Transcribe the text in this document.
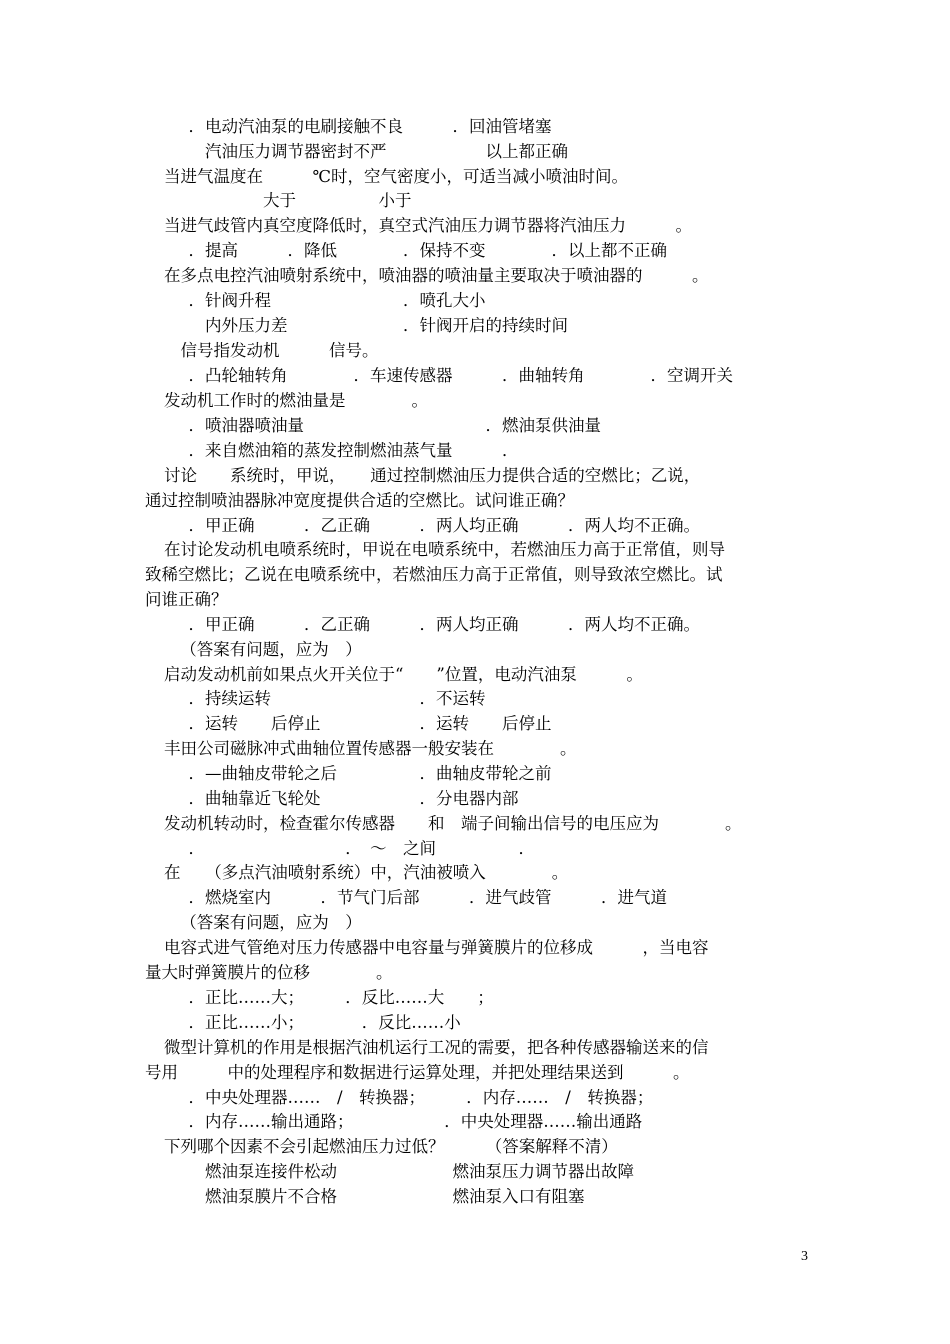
　．电动汽油泵的电刷接触不良　　　．回油管堵塞
　　汽油压力调节器密封不严　　　　　　以上都正确
当进气温度在　　　℃时，空气密度小，可适当减小喷油时间。
　　　　　　大于　　　　　小于
当进气歧管内真空度降低时，真空式汽油压力调节器将汽油压力　　　。
　．提高　　　．降低　　　　．保持不变　　　　．以上都不正确
在多点电控汽油喷射系统中，喷油器的喷油量主要取决于喷油器的　　　。
　．针阀升程　　　　　　　　．喷孔大小
　　内外压力差　　　　　　　．针阀开启的持续时间
　信号指发动机　　　信号。
　．凸轮轴转角　　　　．车速传感器　　　．曲轴转角　　　　．空调开关
发动机工作时的燃油量是　　　　。
　．喷油器喷油量　　　　　　　　　　　．燃油泵供油量
　．来自燃油箱的蒸发控制燃油蒸气量　　　．
讨论　　系统时，甲说，　　通过控制燃油压力提供合适的空燃比；乙说，
通过控制喷油器脉冲宽度提供合适的空燃比。试问谁正确？
　．甲正确　　　．乙正确　　　．两人均正确　　　．两人均不正确。
在讨论发动机电喷系统时，甲说在电喷系统中，若燃油压力高于正常值，则导
致稀空燃比；乙说在电喷系统中，若燃油压力高于正常值，则导致浓空燃比。试
问谁正确？
　．甲正确　　　．乙正确　　　．两人均正确　　　．两人均不正确。
　（答案有问题，应为　）
启动发动机前如果点火开关位于“　　”位置，电动汽油泵　　　。
　．持续运转　　　　　　　　　．不运转
　．运转　　后停止　　　　　　．运转　　后停止
丰田公司磁脉冲式曲轴位置传感器一般安装在　　　　。
　．—曲轴皮带轮之后　　　　　．曲轴皮带轮之前
　．曲轴靠近飞轮处　　　　　　．分电器内部
发动机转动时，检查霍尔传感器　　和　端子间输出信号的电压应为　　　　。
　．　　　　　　　　　．　～　之间　　　　　．
在　　（多点汽油喷射系统）中，汽油被喷入　　　　。
　．燃烧室内　　　．节气门后部　　　．进气歧管　　　．进气道
　（答案有问题，应为　）
电容式进气管绝对压力传感器中电容量与弹簧膜片的位移成　　　，当电容
量大时弹簧膜片的位移　　　　。
　．正比……大；　　　．反比……大　　；
　．正比……小；　　　　．反比……小
微型计算机的作用是根据汽油机运行工况的需要，把各种传感器输送来的信
号用　　　中的处理程序和数据进行运算处理，并把处理结果送到　　　。
　．中央处理器……　/　转换器；　　　．内存……　/　转换器；
　．内存……输出通路；　　　　　　．中央处理器……输出通路
下列哪个因素不会引起燃油压力过低？　　　（答案解释不清）
　　燃油泵连接件松动　　　　　　　燃油泵压力调节器出故障
　　燃油泵膜片不合格　　　　　　　燃油泵入口有阻塞
3
